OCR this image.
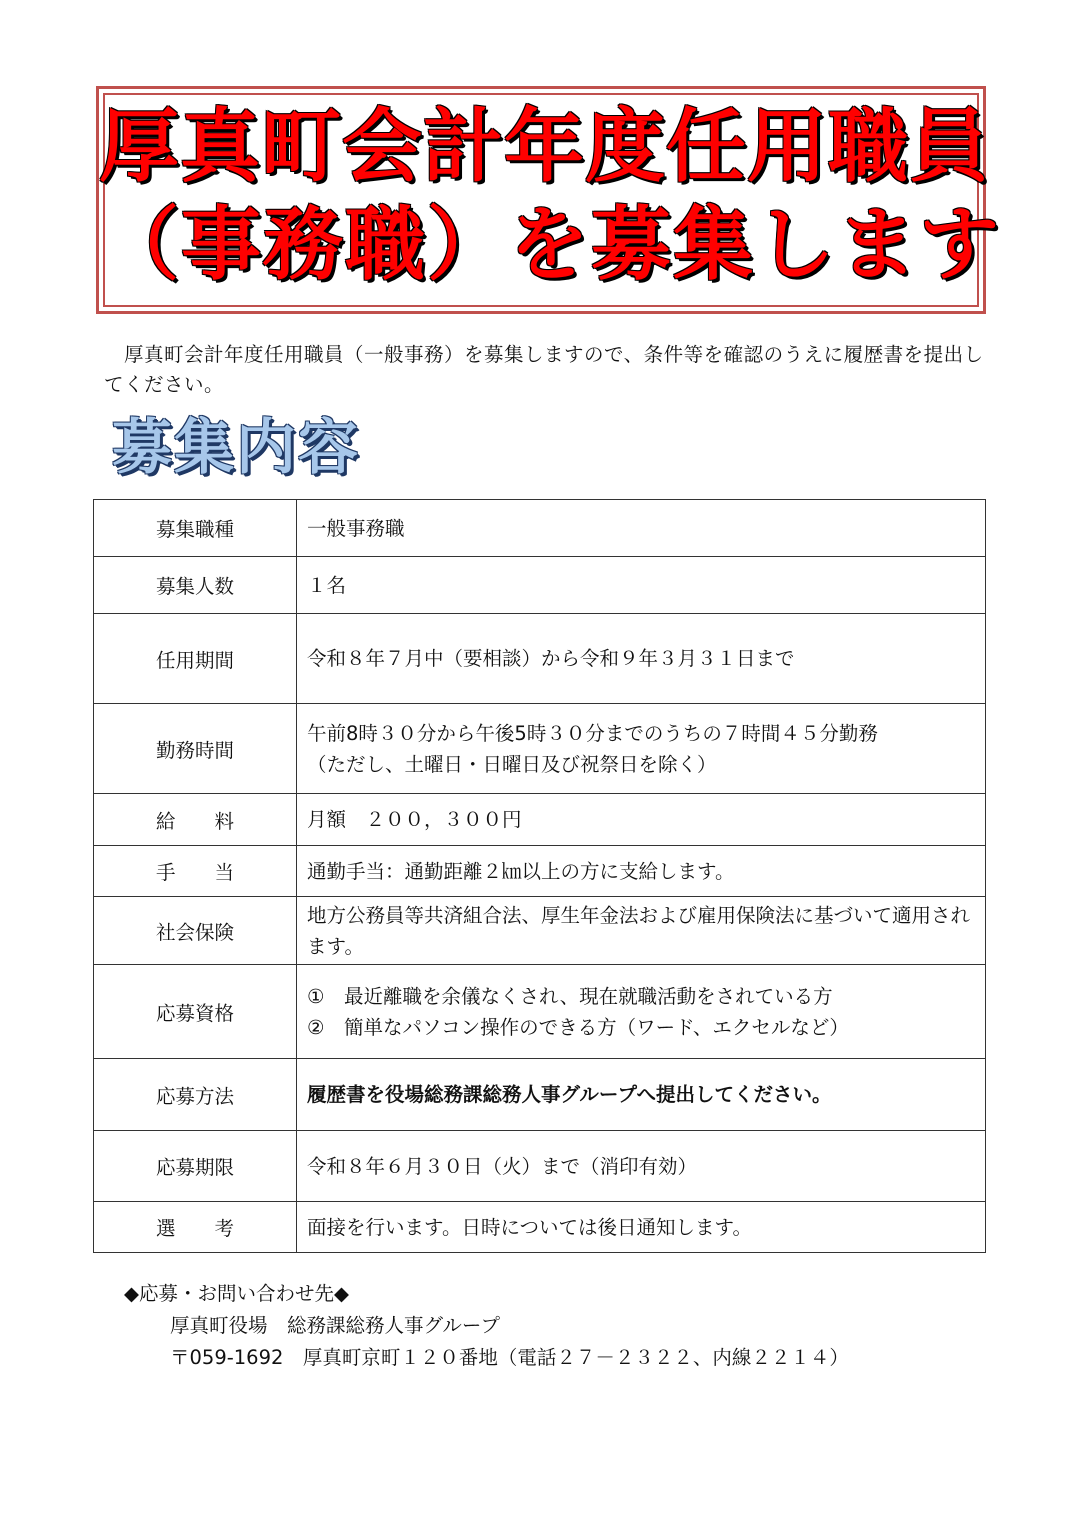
厚真町会計年度任用職員
（事務職）を募集します
厚真町会計年度任用職員（一般事務）を募集しますので、条件等を確認のうえに履歴書を提出してください。
募集内容
募集職種	一般事務職
募集人数	１名
任用期間	令和８年７月中（要相談）から令和９年３月３１日まで
勤務時間	午前8時３０分から午後5時３０分までのうちの７時間４５分勤務
（ただし、土曜日・日曜日及び祝祭日を除く）

給　　料	月額　２００，３００円
手　　当	通勤手当：通勤距離２㎞以上の方に支給します。
社会保険	地方公務員等共済組合法、厚生年金法および雇用保険法に基づいて適用されます。
応募資格	①　最近離職を余儀なくされ、現在就職活動をされている方
②　簡単なパソコン操作のできる方（ワード、エクセルなど）

応募方法	履歴書を役場総務課総務人事グループへ提出してください。
応募期限	令和８年６月３０日（火）まで（消印有効）
選　　考	面接を行います。日時については後日通知します。
◆応募・お問い合わせ先◆
厚真町役場　総務課総務人事グループ
〒059-1692　厚真町京町１２０番地（電話２７－２３２２、内線２２１４）
